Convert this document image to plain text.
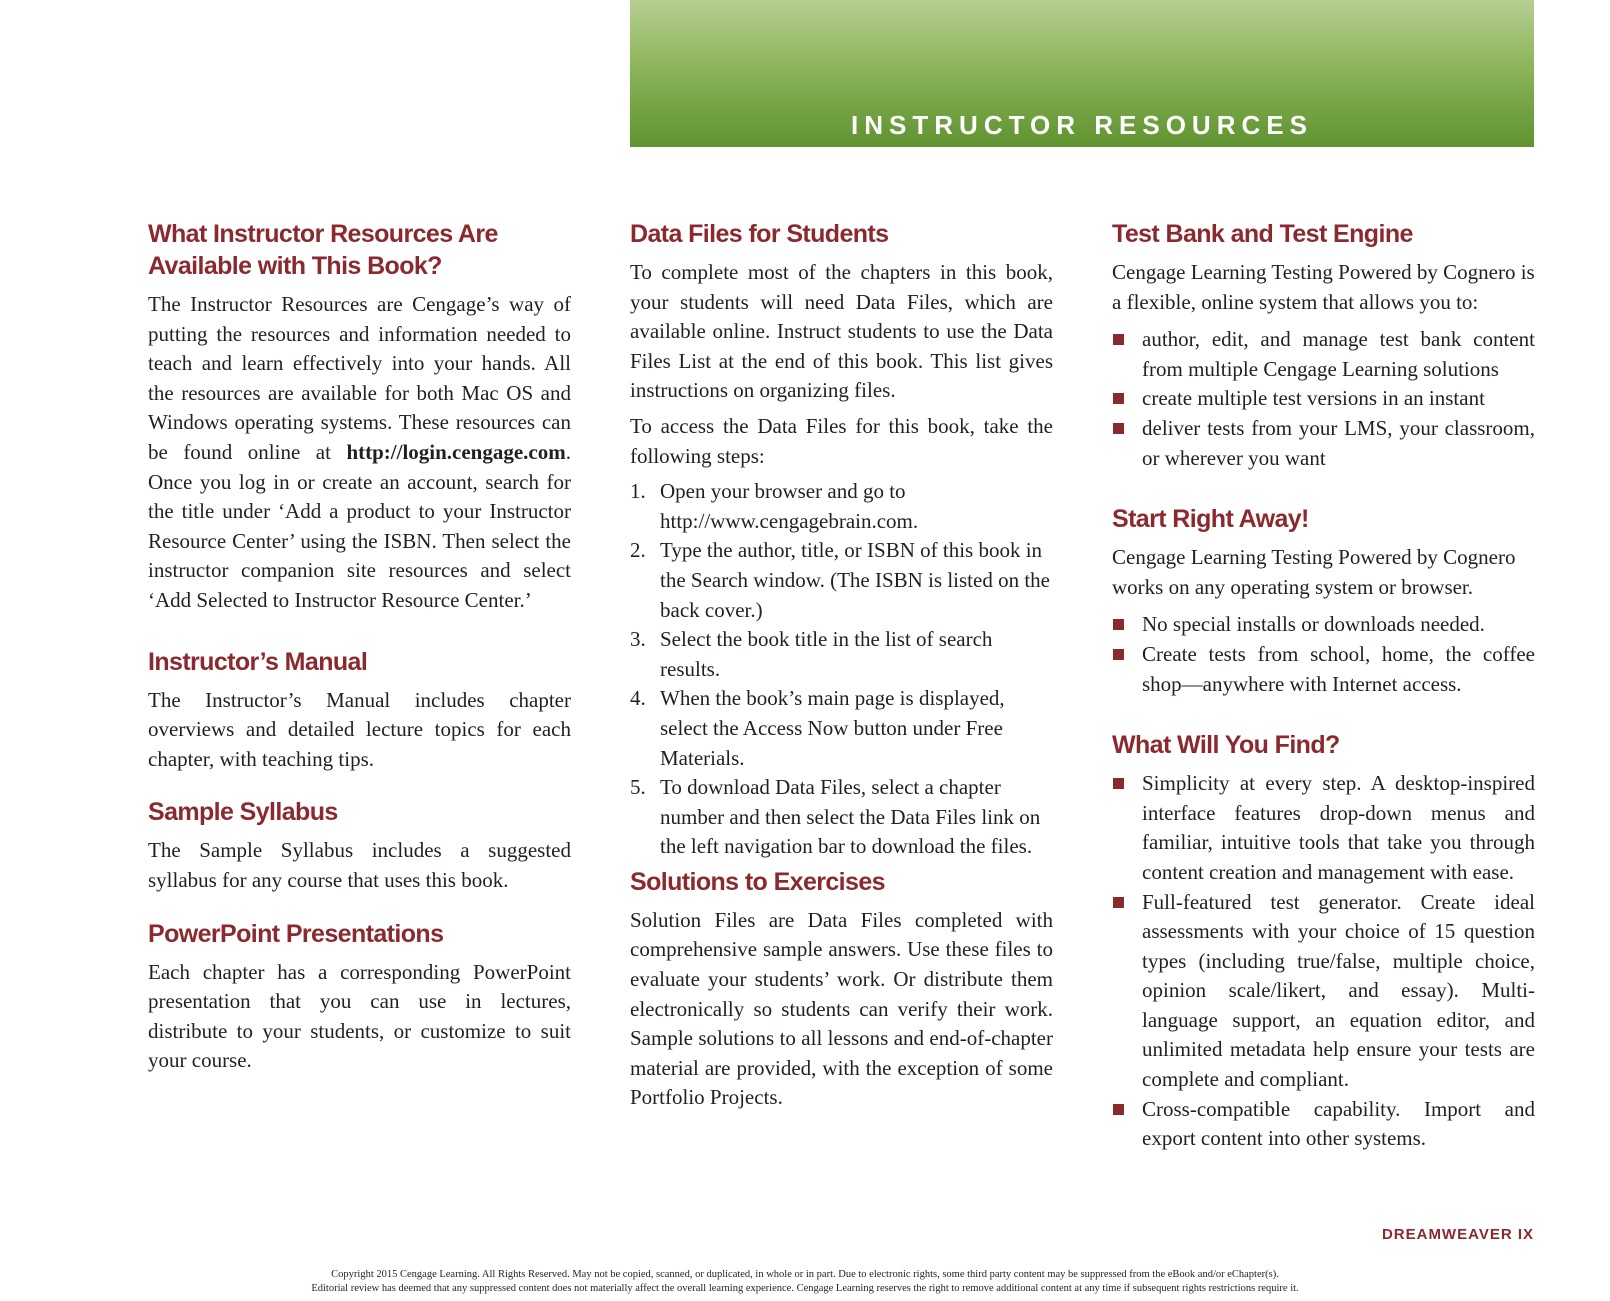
INSTRUCTOR RESOURCES
What Instructor Resources Are Available with This Book?

The Instructor Resources are Cengage’s way of putting the resources and information needed to teach and learn effectively into your hands. All the resources are available for both Mac OS and Windows operating systems. These resources can be found online at http://login.cengage.com. Once you log in or create an account, search for the title under ‘Add a product to your Instructor Resource Center’ using the ISBN. Then select the instructor companion site resources and select ‘Add Selected to Instructor Resource Center.’

Instructor’s Manual

The Instructor’s Manual includes chapter overviews and detailed lecture topics for each chapter, with teaching tips.

Sample Syllabus

The Sample Syllabus includes a suggested syllabus for any course that uses this book.

PowerPoint Presentations

Each chapter has a corresponding PowerPoint presentation that you can use in lectures, distribute to your students, or customize to suit your course.

Data Files for Students

To complete most of the chapters in this book, your students will need Data Files, which are available online. Instruct students to use the Data Files List at the end of this book. This list gives instructions on organizing files.

To access the Data Files for this book, take the following steps:

1. Open your browser and go to http://www.cengagebrain.com.
2. Type the author, title, or ISBN of this book in the Search window. (The ISBN is listed on the back cover.)
3. Select the book title in the list of search results.
4. When the book’s main page is displayed, select the Access Now button under Free Materials.
5. To download Data Files, select a chapter number and then select the Data Files link on the left navigation bar to download the files.
Solutions to Exercises

Solution Files are Data Files completed with comprehensive sample answers. Use these files to evaluate your students’ work. Or distribute them electronically so students can verify their work. Sample solutions to all lessons and end-of-chapter material are provided, with the exception of some Portfolio Projects.

Test Bank and Test Engine

Cengage Learning Testing Powered by Cognero is a flexible, online system that allows you to:

author, edit, and manage test bank content from multiple Cengage Learning solutions
create multiple test versions in an instant
deliver tests from your LMS, your classroom, or wherever you want
Start Right Away!

Cengage Learning Testing Powered by Cognero works on any operating system or browser.

No special installs or downloads needed.
Create tests from school, home, the coffee shop—anywhere with Internet access.
What Will You Find?
Simplicity at every step. A desktop-inspired interface features drop-down menus and familiar, intuitive tools that take you through content creation and management with ease.
Full-featured test generator. Create ideal assessments with your choice of 15 question types (including true/false, multiple choice, opinion scale/likert, and essay). Multi-language support, an equation editor, and unlimited metadata help ensure your tests are complete and compliant.
Cross-compatible capability. Import and export content into other systems.
DREAMWEAVER IX
Copyright 2015 Cengage Learning. All Rights Reserved. May not be copied, scanned, or duplicated, in whole or in part. Due to electronic rights, some third party content may be suppressed from the eBook and/or eChapter(s).
Editorial review has deemed that any suppressed content does not materially affect the overall learning experience. Cengage Learning reserves the right to remove additional content at any time if subsequent rights restrictions require it.
